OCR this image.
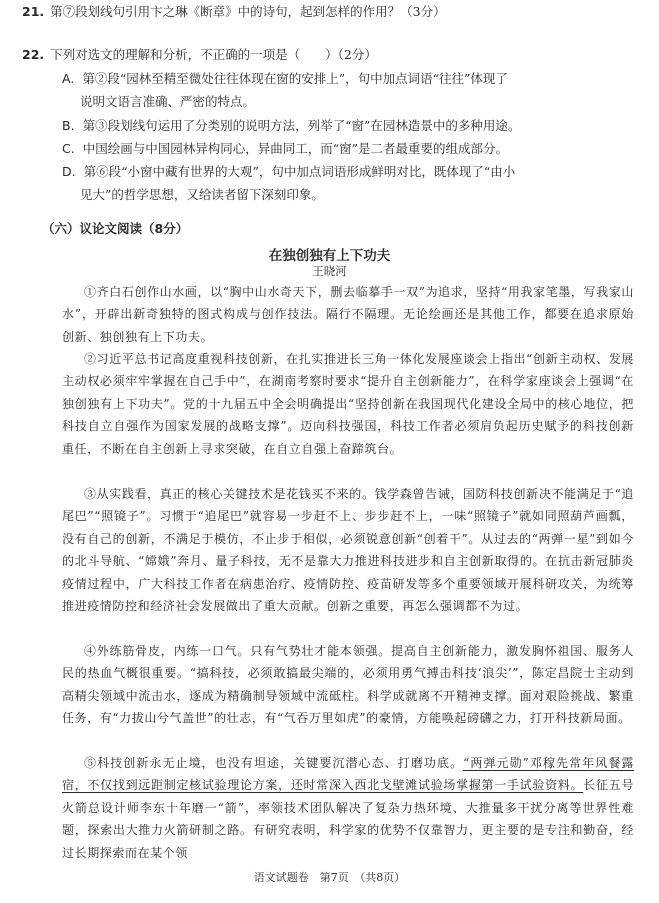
21. 第⑦段划线句引用卞之琳《断章》中的诗句，起到怎样的作用？（3分）
22. 下列对选文的理解和分析，不正确的一项是（　　）（2分）
A. 第②段“园林至精至微处往往体现在窗的安排上”，句中加点词语“往往”体现了
说明文语言准确、严密的特点。
B. 第③段划线句运用了分类别的说明方法，列举了“窗”在园林造景中的多种用途。
C. 中国绘画与中国园林异构同心，异曲同工，而“窗”是二者最重要的组成部分。
D. 第⑥段“小窗中藏有世界的大观”，句中加点词语形成鲜明对比，既体现了“由小
见大”的哲学思想，又给读者留下深刻印象。
（六）议论文阅读（8分）
在独创独有上下功夫
王晓河

①齐白石创作山水画，以“胸中山水奇天下，删去临摹手一双”为追求，坚持“用我家笔墨，写我家山水”，开辟出新奇独特的图式构成与创作技法。隔行不隔理。无论绘画还是其他工作，都要在追求原始创新、独创独有上下功夫。

②习近平总书记高度重视科技创新，在扎实推进长三角一体化发展座谈会上指出“创新主动权、发展主动权必须牢牢掌握在自己手中”，在湖南考察时要求“提升自主创新能力”，在科学家座谈会上强调“在独创独有上下功夫”。党的十九届五中全会明确提出“坚持创新在我国现代化建设全局中的核心地位，把科技自立自强作为国家发展的战略支撑”。迈向科技强国，科技工作者必须肩负起历史赋予的科技创新重任，不断在自主创新上寻求突破，在自立自强上奋蹄筑台。

③从实践看，真正的核心关键技术是花钱买不来的。钱学森曾告诫，国防科技创新决不能满足于“追尾巴”“照镜子”。习惯于“追尾巴”就容易一步赶不上、步步赶不上，一味“照镜子”就如同照葫芦画瓢，没有自己的创新，不满足于模仿，不止步于相似，必须锐意创新“创着干”。从过去的“两弹一星”到如今的北斗导航、“嫦娥”奔月、量子科技，无不是靠大力推进科技进步和自主创新取得的。在抗击新冠肺炎疫情过程中，广大科技工作者在病患治疗、疫情防控、疫苗研发等多个重要领域开展科研攻关，为统筹推进疫情防控和经济社会发展做出了重大贡献。创新之重要，再怎么强调都不为过。

④外练筋骨皮，内练一口气。只有气势壮才能本领强。提高自主创新能力，激发胸怀祖国、服务人民的热血气概很重要。“搞科技，必须敢搞最尖端的，必须用勇气搏击科技‘浪尖’”，陈定昌院士主动到高精尖领域中流击水，逐成为精确制导领域中流砥柱。科学成就离不开精神支撑。面对艰险挑战、繁重任务，有“力拔山兮气盖世”的壮志，有“气吞万里如虎”的豪情，方能唤起磅礴之力，打开科技新局面。

⑤科技创新永无止境，也没有坦途，关键要沉潜心态、打磨功底。“两弹元勋”邓稼先常年风餐露宿，不仅找到远距制定核试验理论方案，还时常深入西北戈壁滩试验场掌握第一手试验资料。长征五号火箭总设计师李东十年磨一“箭”，率领技术团队解决了复杂力热环境、大推量多干扰分离等世界性难题，探索出大推力火箭研制之路。有研究表明，科学家的优势不仅靠智力，更主要的是专注和勤奋，经过长期探索而在某个领

语文试题卷　第7页　（共8页）
